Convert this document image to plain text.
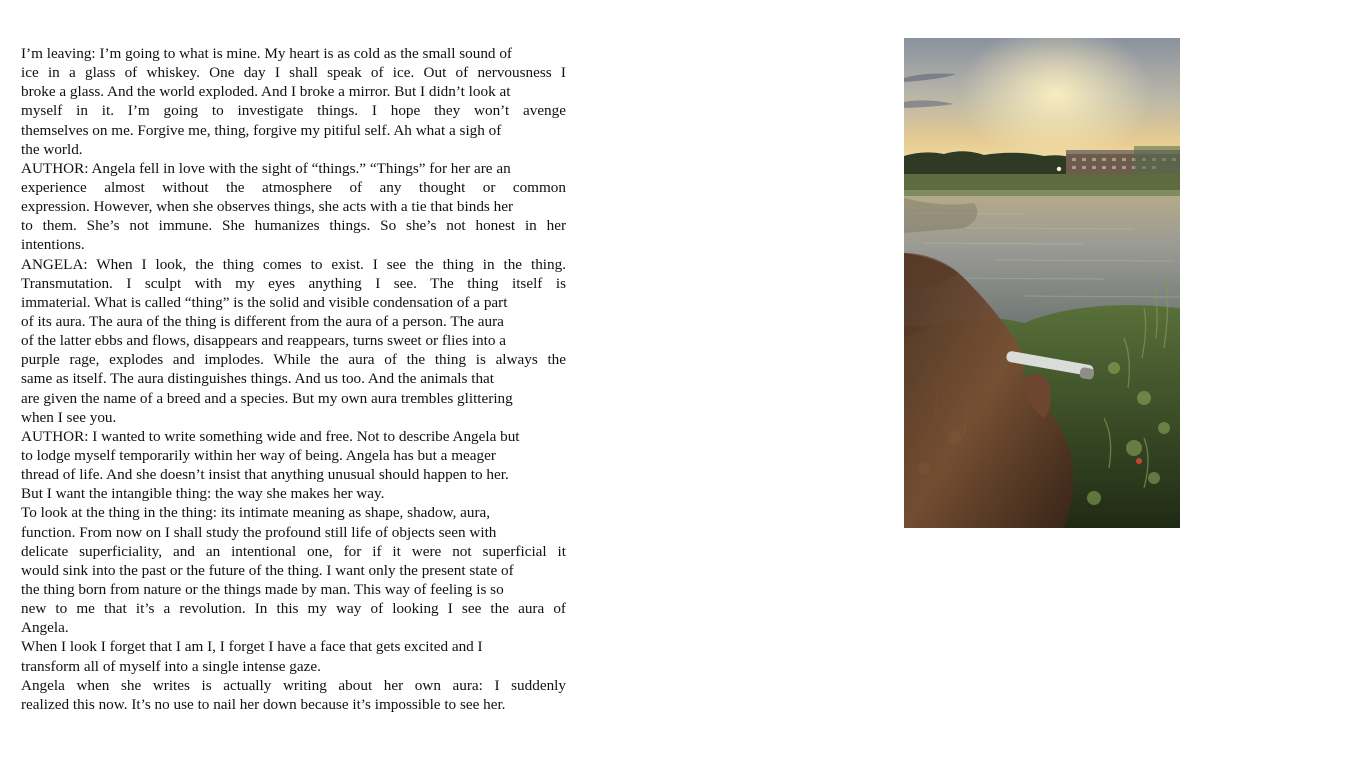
I’m leaving: I’m going to what is mine. My heart is as cold as the small sound of
ice in a glass of whiskey. One day I shall speak of ice. Out of nervousness I
broke a glass. And the world exploded. And I broke a mirror. But I didn’t look at
myself in it. I’m going to investigate things. I hope they won’t avenge
themselves on me. Forgive me, thing, forgive my pitiful self. Ah what a sigh of
the world.
AUTHOR: Angela fell in love with the sight of “things.” “Things” for her are an
experience almost without the atmosphere of any thought or common
expression. However, when she observes things, she acts with a tie that binds her
to them. She’s not immune. She humanizes things. So she’s not honest in her
intentions.
ANGELA: When I look, the thing comes to exist. I see the thing in the thing.
Transmutation. I sculpt with my eyes anything I see. The thing itself is
immaterial. What is called “thing” is the solid and visible condensation of a part
of its aura. The aura of the thing is different from the aura of a person. The aura
of the latter ebbs and flows, disappears and reappears, turns sweet or flies into a
purple rage, explodes and implodes. While the aura of the thing is always the
same as itself. The aura distinguishes things. And us too. And the animals that
are given the name of a breed and a species. But my own aura trembles glittering
when I see you.
AUTHOR: I wanted to write something wide and free. Not to describe Angela but
to lodge myself temporarily within her way of being. Angela has but a meager
thread of life. And she doesn’t insist that anything unusual should happen to her.
But I want the intangible thing: the way she makes her way.
To look at the thing in the thing: its intimate meaning as shape, shadow, aura,
function. From now on I shall study the profound still life of objects seen with
delicate superficiality, and an intentional one, for if it were not superficial it
would sink into the past or the future of the thing. I want only the present state of
the thing born from nature or the things made by man. This way of feeling is so
new to me that it’s a revolution. In this my way of looking I see the aura of
Angela.
When I look I forget that I am I, I forget I have a face that gets excited and I
transform all of myself into a single intense gaze.
Angela when she writes is actually writing about her own aura: I suddenly
realized this now. It’s no use to nail her down because it’s impossible to see her.
